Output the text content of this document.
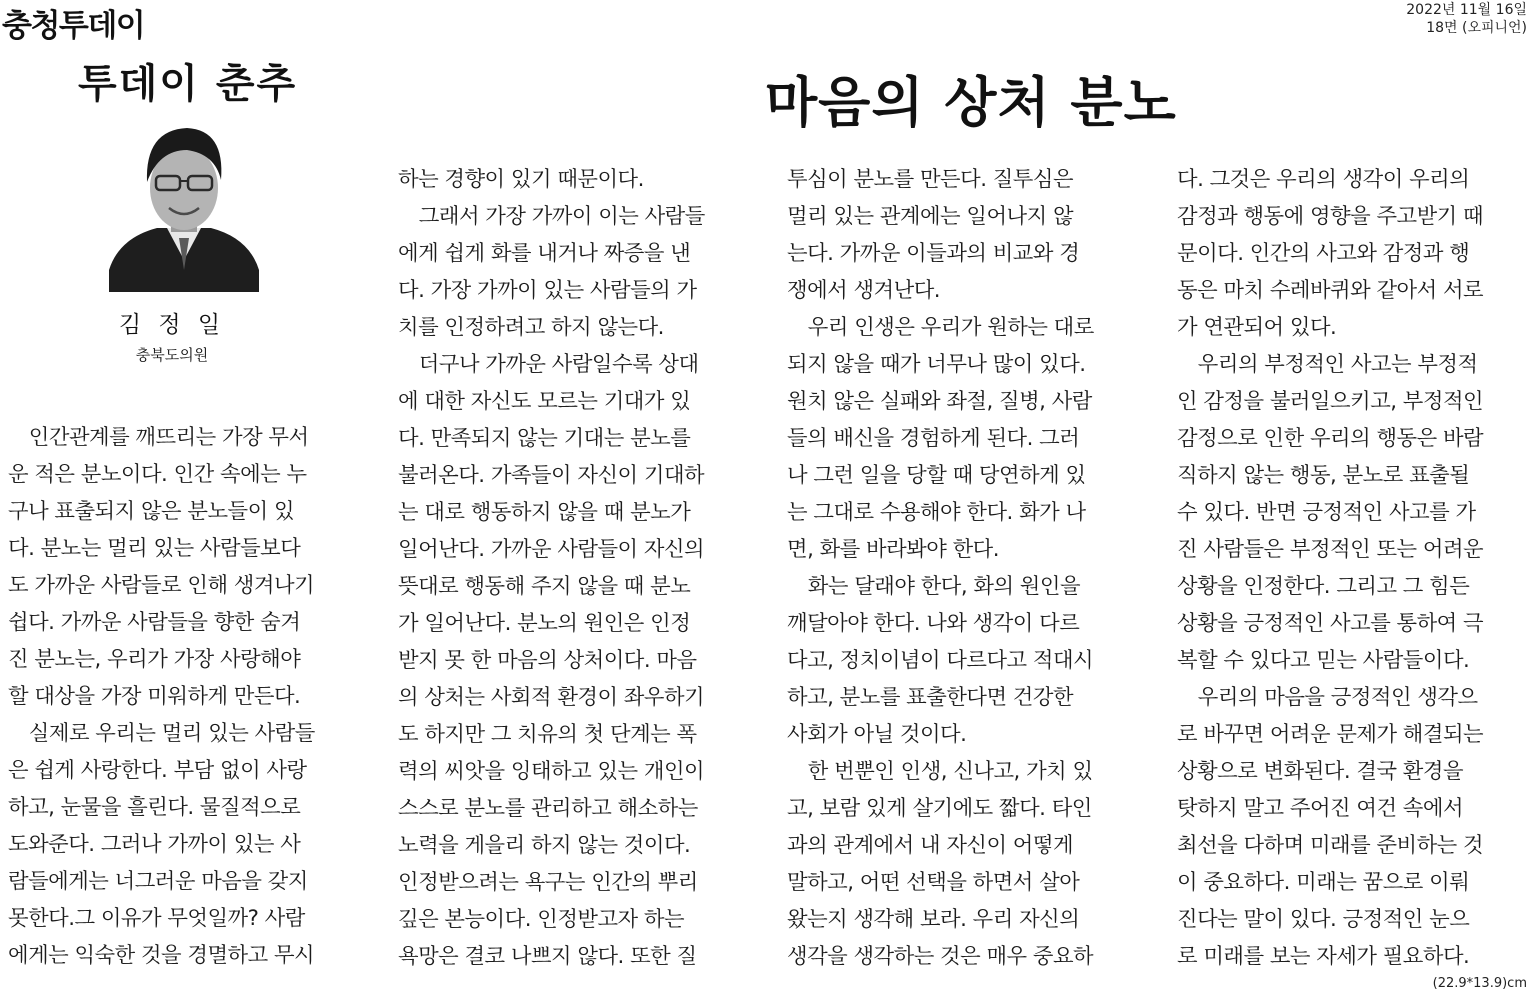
충청투데이	2022년 11월 16일
18면 (오피니언)
투데이 춘추	마음의 상처 분노
김 정 일
충북도의원
　인간관계를 깨뜨리는 가장 무서
운 적은 분노이다. 인간 속에는 누
구나 표출되지 않은 분노들이 있
다. 분노는 멀리 있는 사람들보다
도 가까운 사람들로 인해 생겨나기
쉽다. 가까운 사람들을 향한 숨겨
진 분노는, 우리가 가장 사랑해야
할 대상을 가장 미워하게 만든다.
　실제로 우리는 멀리 있는 사람들
은 쉽게 사랑한다. 부담 없이 사랑
하고, 눈물을 흘린다. 물질적으로
도와준다. 그러나 가까이 있는 사
람들에게는 너그러운 마음을 갖지
못한다.그 이유가 무엇일까? 사람
에게는 익숙한 것을 경멸하고 무시
하는 경향이 있기 때문이다.
　그래서 가장 가까이 이는 사람들
에게 쉽게 화를 내거나 짜증을 낸
다. 가장 가까이 있는 사람들의 가
치를 인정하려고 하지 않는다.
　더구나 가까운 사람일수록 상대
에 대한 자신도 모르는 기대가 있
다. 만족되지 않는 기대는 분노를
불러온다. 가족들이 자신이 기대하
는 대로 행동하지 않을 때 분노가
일어난다. 가까운 사람들이 자신의
뜻대로 행동해 주지 않을 때 분노
가 일어난다. 분노의 원인은 인정
받지 못 한 마음의 상처이다. 마음
의 상처는 사회적 환경이 좌우하기
도 하지만 그 치유의 첫 단계는 폭
력의 씨앗을 잉태하고 있는 개인이
스스로 분노를 관리하고 해소하는
노력을 게을리 하지 않는 것이다.
인정받으려는 욕구는 인간의 뿌리
깊은 본능이다. 인정받고자 하는
욕망은 결코 나쁘지 않다. 또한 질
투심이 분노를 만든다. 질투심은
멀리 있는 관계에는 일어나지 않
는다. 가까운 이들과의 비교와 경
쟁에서 생겨난다.
　우리 인생은 우리가 원하는 대로
되지 않을 때가 너무나 많이 있다.
원치 않은 실패와 좌절, 질병, 사람
들의 배신을 경험하게 된다. 그러
나 그런 일을 당할 때 당연하게 있
는 그대로 수용해야 한다. 화가 나
면, 화를 바라봐야 한다.
　화는 달래야 한다, 화의 원인을
깨달아야 한다. 나와 생각이 다르
다고, 정치이념이 다르다고 적대시
하고, 분노를 표출한다면 건강한
사회가 아닐 것이다.
　한 번뿐인 인생, 신나고, 가치 있
고, 보람 있게 살기에도 짧다. 타인
과의 관계에서 내 자신이 어떻게
말하고, 어떤 선택을 하면서 살아
왔는지 생각해 보라. 우리 자신의
생각을 생각하는 것은 매우 중요하
다. 그것은 우리의 생각이 우리의
감정과 행동에 영향을 주고받기 때
문이다. 인간의 사고와 감정과 행
동은 마치 수레바퀴와 같아서 서로
가 연관되어 있다.
　우리의 부정적인 사고는 부정적
인 감정을 불러일으키고, 부정적인
감정으로 인한 우리의 행동은 바람
직하지 않는 행동, 분노로 표출될
수 있다. 반면 긍정적인 사고를 가
진 사람들은 부정적인 또는 어려운
상황을 인정한다. 그리고 그 힘든
상황을 긍정적인 사고를 통하여 극
복할 수 있다고 믿는 사람들이다.
　우리의 마음을 긍정적인 생각으
로 바꾸면 어려운 문제가 해결되는
상황으로 변화된다. 결국 환경을
탓하지 말고 주어진 여건 속에서
최선을 다하며 미래를 준비하는 것
이 중요하다. 미래는 꿈으로 이뤄
진다는 말이 있다. 긍정적인 눈으
로 미래를 보는 자세가 필요하다.
(22.9*13.9)cm
